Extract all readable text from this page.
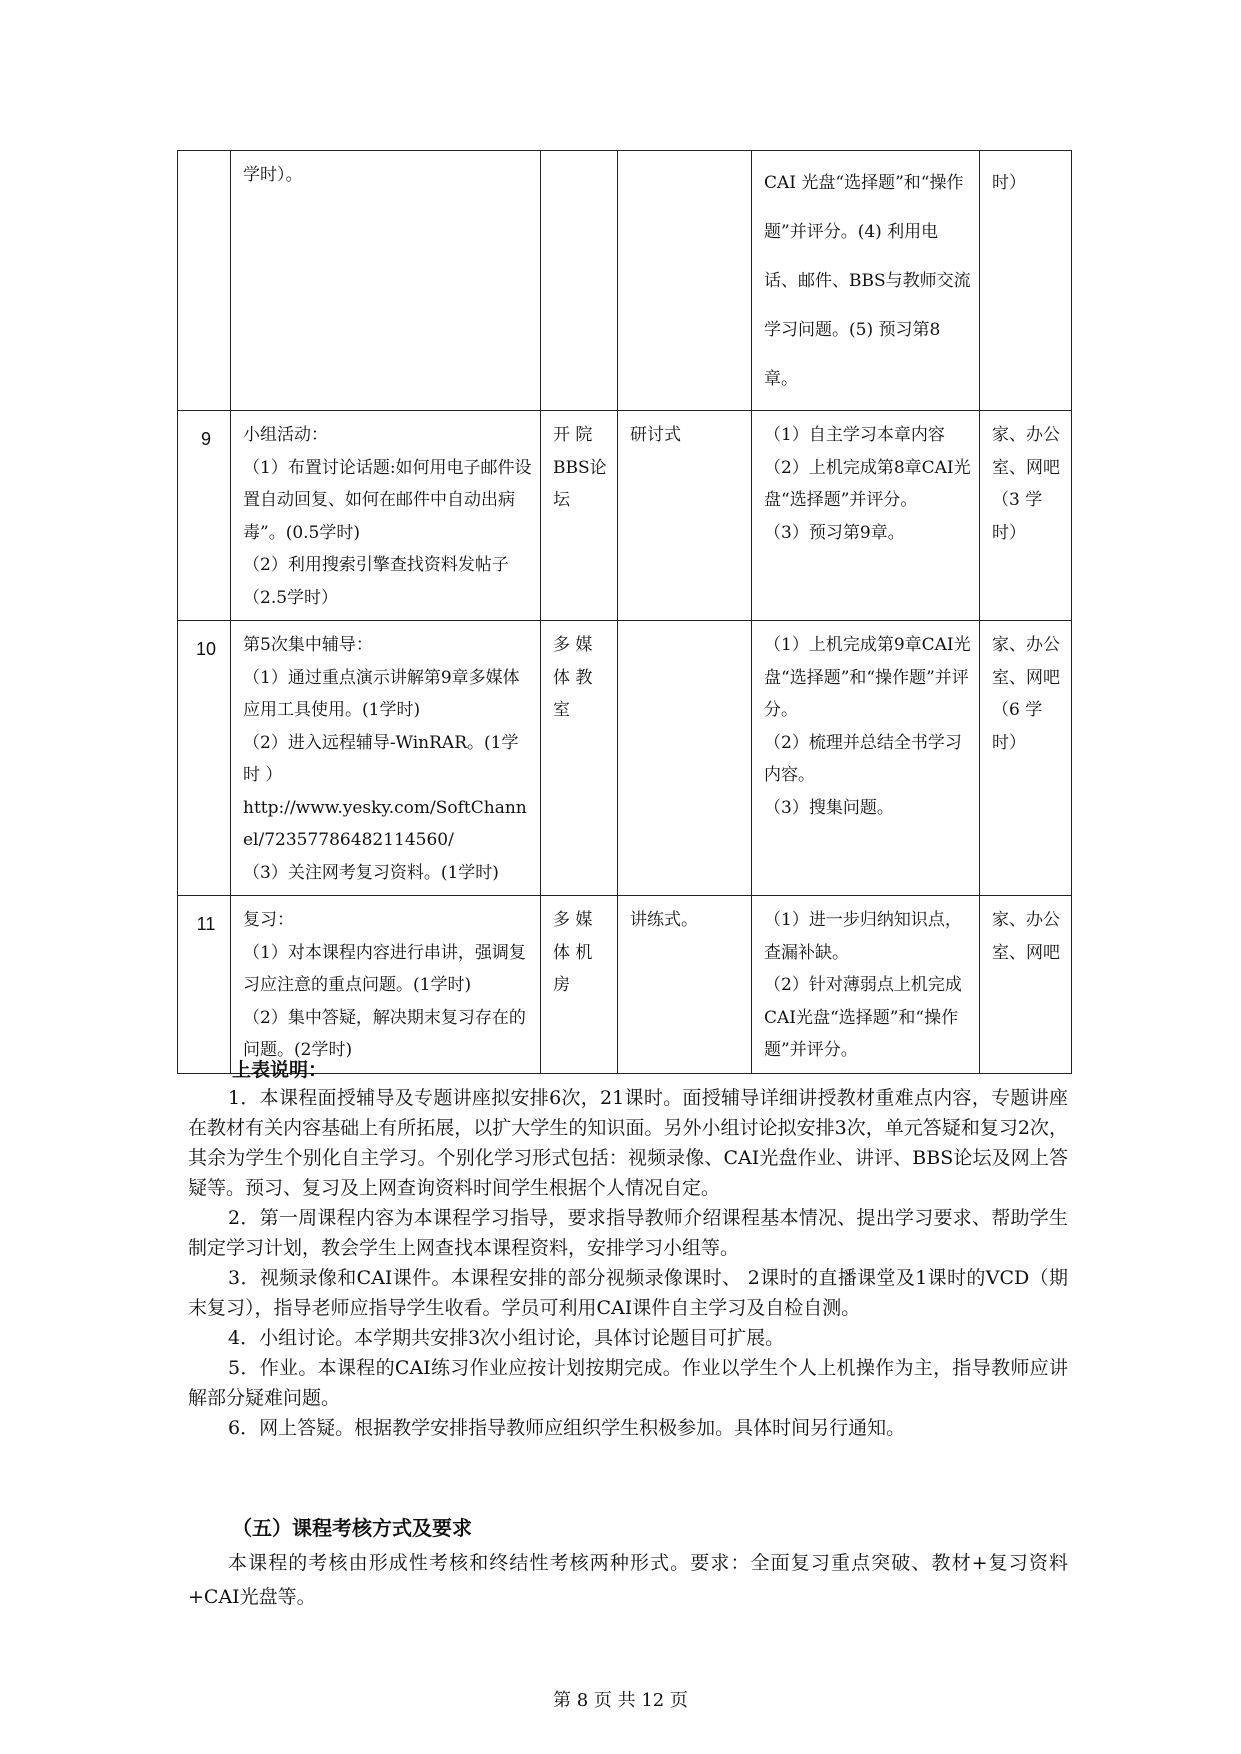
	学时）。			CAI 光盘“选择题”和“操作题”并评分。(4) 利用电话、邮件、BBS与教师交流学习问题。(5) 预习第8章。	时）

9	小组活动：
（1）布置讨论话题:如何用电子邮件设置自动回复、如何在邮件中自动出病毒”。(0.5学时)
（2）利用搜索引擎查找资料发帖子
（2.5学时）	开 院 BBS论坛	研讨式	（1）自主学习本章内容
（2）上机完成第8章CAI光盘“选择题”并评分。
（3）预习第9章。	家、办公室、网吧（3 学时）

10	第5次集中辅导：
（1）通过重点演示讲解第9章多媒体应用工具使用。(1学时)
（2）进入远程辅导-WinRAR。(1学时 ）
http://www.yesky.com/SoftChannel/72357786482114560/
（3）关注网考复习资料。(1学时)	多 媒 体 教 室		（1）上机完成第9章CAI光盘“选择题”和“操作题”并评分。
（2）梳理并总结全书学习内容。
（3）搜集问题。	家、办公室、网吧（6 学时）

11	复习：
（1）对本课程内容进行串讲，强调复习应注意的重点问题。(1学时)
（2）集中答疑，解决期末复习存在的问题。(2学时)	多 媒 体 机 房	讲练式。	（1）进一步归纳知识点，查漏补缺。
（2）针对薄弱点上机完成CAI光盘“选择题”和“操作题”并评分。	家、办公室、网吧
上表说明：

1．本课程面授辅导及专题讲座拟安排6次，21课时。面授辅导详细讲授教材重难点内容，专题讲座在教材有关内容基础上有所拓展，以扩大学生的知识面。另外小组讨论拟安排3次，单元答疑和复习2次，其余为学生个别化自主学习。个别化学习形式包括：视频录像、CAI光盘作业、讲评、BBS论坛及网上答疑等。预习、复习及上网查询资料时间学生根据个人情况自定。

2．第一周课程内容为本课程学习指导，要求指导教师介绍课程基本情况、提出学习要求、帮助学生制定学习计划，教会学生上网查找本课程资料，安排学习小组等。

3．视频录像和CAI课件。本课程安排的部分视频录像课时、 2课时的直播课堂及1课时的VCD（期末复习），指导老师应指导学生收看。学员可利用CAI课件自主学习及自检自测。

4．小组讨论。本学期共安排3次小组讨论，具体讨论题目可扩展。

5．作业。本课程的CAI练习作业应按计划按期完成。作业以学生个人上机操作为主，指导教师应讲解部分疑难问题。

6．网上答疑。根据教学安排指导教师应组织学生积极参加。具体时间另行通知。

（五）课程考核方式及要求
本课程的考核由形成性考核和终结性考核两种形式。要求：全面复习重点突破、教材+复习资料+CAI光盘等。
第 8 页 共 12 页
